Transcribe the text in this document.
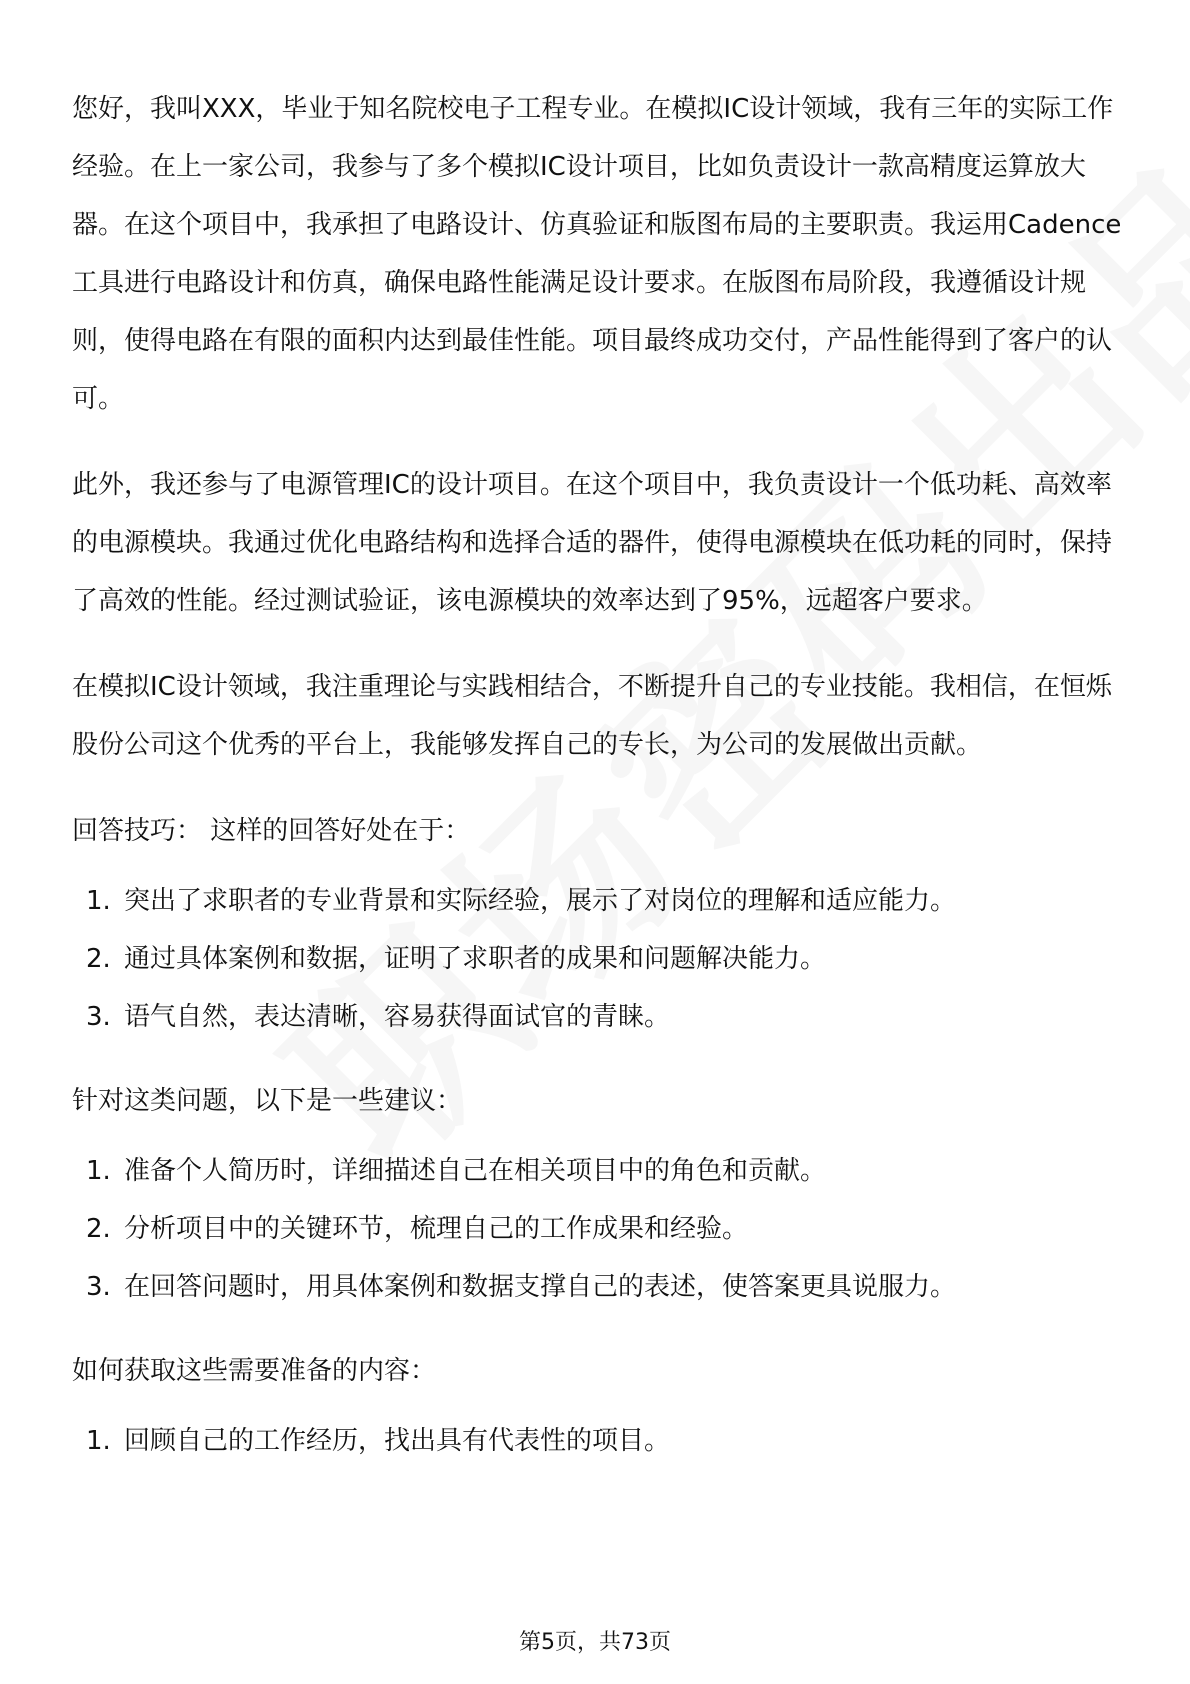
您好，我叫XXX，毕业于知名院校电子工程专业。在模拟IC设计领域，我有三年的实际工作经验。在上一家公司，我参与了多个模拟IC设计项目，比如负责设计一款高精度运算放大器。在这个项目中，我承担了电路设计、仿真验证和版图布局的主要职责。我运用Cadence工具进行电路设计和仿真，确保电路性能满足设计要求。在版图布局阶段，我遵循设计规则，使得电路在有限的面积内达到最佳性能。项目最终成功交付，产品性能得到了客户的认可。

此外，我还参与了电源管理IC的设计项目。在这个项目中，我负责设计一个低功耗、高效率的电源模块。我通过优化电路结构和选择合适的器件，使得电源模块在低功耗的同时，保持了高效的性能。经过测试验证，该电源模块的效率达到了95%，远超客户要求。

在模拟IC设计领域，我注重理论与实践相结合，不断提升自己的专业技能。我相信，在恒烁股份公司这个优秀的平台上，我能够发挥自己的专长，为公司的发展做出贡献。

回答技巧： 这样的回答好处在于：

1. 突出了求职者的专业背景和实际经验，展示了对岗位的理解和适应能力。
2. 通过具体案例和数据，证明了求职者的成果和问题解决能力。
3. 语气自然，表达清晰，容易获得面试官的青睐。

针对这类问题，以下是一些建议：

1. 准备个人简历时，详细描述自己在相关项目中的角色和贡献。
2. 分析项目中的关键环节，梳理自己的工作成果和经验。
3. 在回答问题时，用具体案例和数据支撑自己的表述，使答案更具说服力。

如何获取这些需要准备的内容：

1. 回顾自己的工作经历，找出具有代表性的项目。
第5页，共73页
